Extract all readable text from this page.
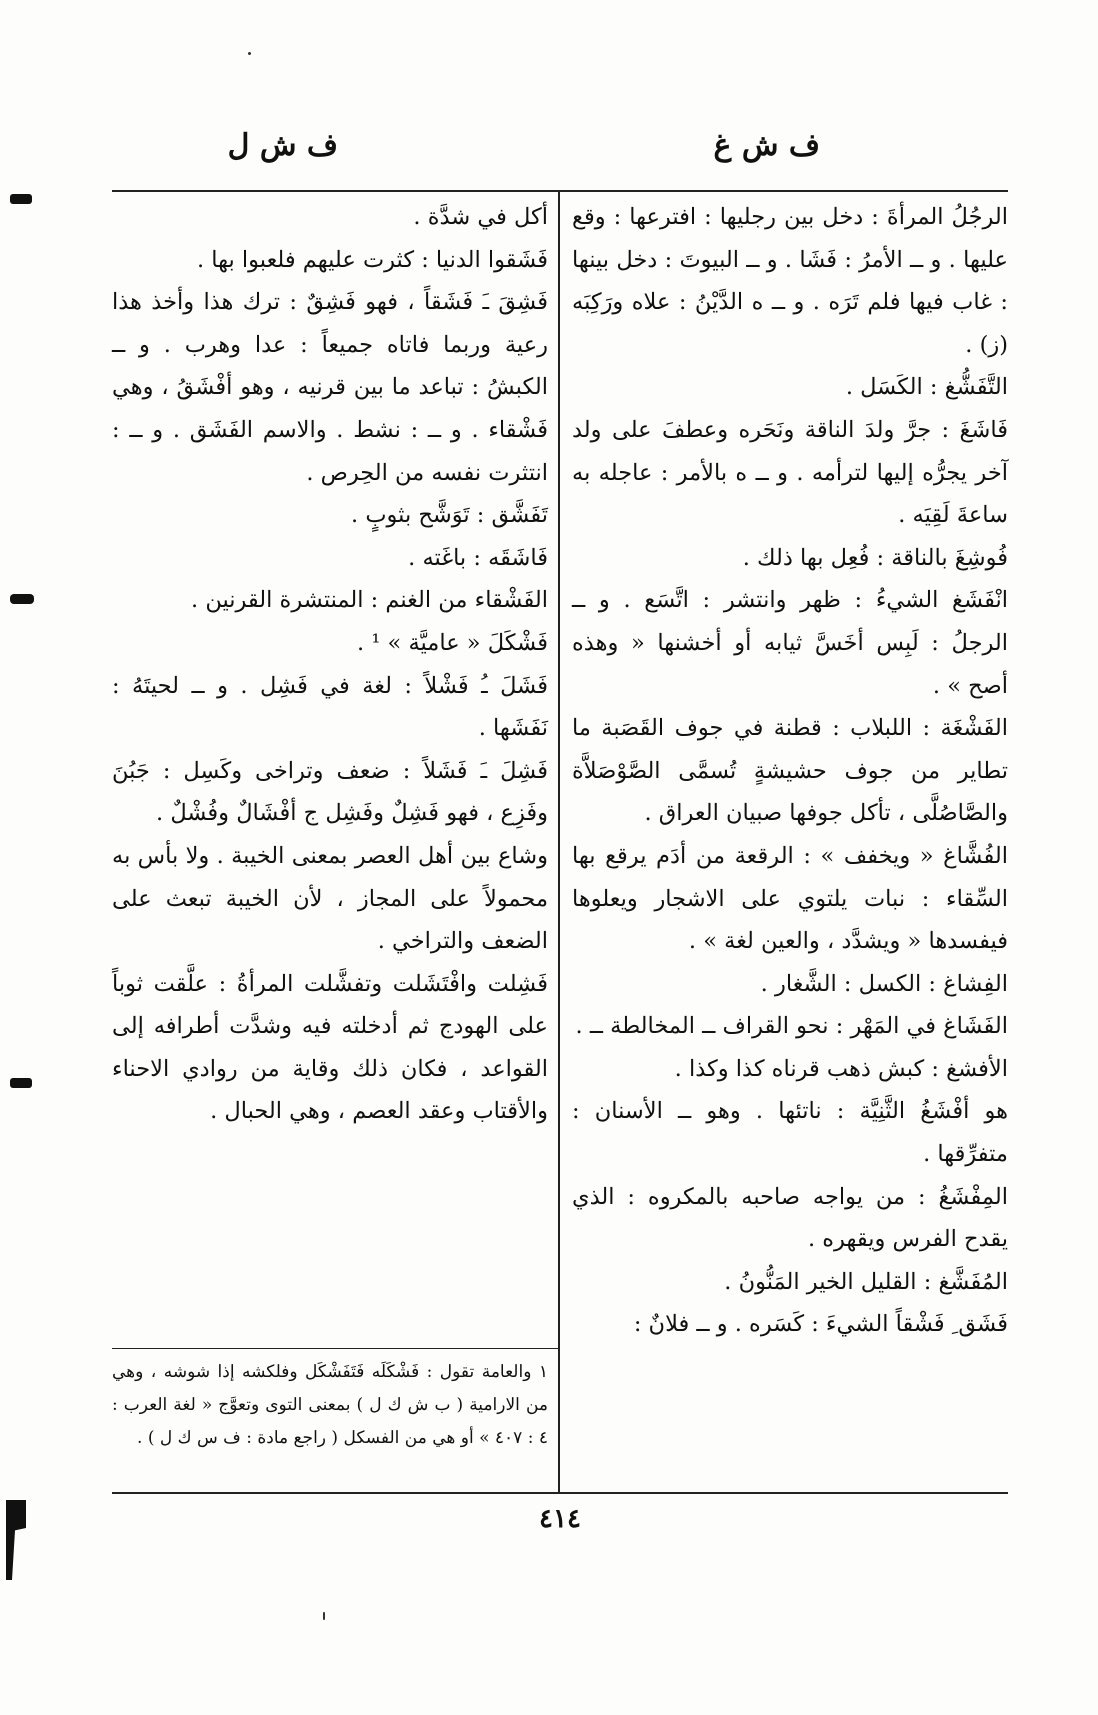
ف ش غ
ف ش ل

الرجُلُ المرأةَ : دخل بين رجليها : افترعها : وقع عليها . و ــ الأمرُ : فَشَا . و ــ البيوتَ : دخل بينها : غاب فيها فلم تَرَه . و ــ ه الدَّيْنُ : علاه ورَكِبَه (ز) .

التَّفَشُّغ : الكَسَل .

فَاشَغَ : جرَّ ولدَ الناقة ونَحَره وعطفَ على ولد آخر يجرُّه إليها لترأمه . و ــ ه بالأمر : عاجله به ساعةَ لَقِيَه .

فُوشِغَ بالناقة : فُعِل بها ذلك .

انْفَشَغ الشيءُ : ظهر وانتشر : اتَّسَع . و ــ الرجلُ : لَبِس أخَسَّ ثيابه أو أخشنها « وهذه أصح » .

الفَشْغَة : اللبلاب : قطنة في جوف القَصَبة ما تطاير من جوف حشيشةٍ تُسمَّى الصَّوْصَلاَّة والصَّاصُلَّى ، تأكل جوفها صبيان العراق .

الفُشَّاغ « ويخفف » : الرقعة من أدَم يرقع بها السِّقاء : نبات يلتوي على الاشجار ويعلوها فيفسدها « ويشدَّد ، والعين لغة » .

الفِشاغ : الكسل : الشَّغار .

الفَشَاغ في المَهْر : نحو القراف ــ المخالطة ــ .

الأفشغ : كبش ذهب قرناه كذا وكذا .

هو أفْشَغُ الثَّنِيَّة : ناتئها . وهو ــ الأسنان : متفرِّقها .

المِفْشَغُ : من يواجه صاحبه بالمكروه : الذي يقدح الفرس ويقهره .

المُفَشَّغ : القليل الخير المَنُّونُ .

فَشَق ِ فَشْقاً الشيءَ : كَسَره . و ــ فلانٌ :

أكل في شدَّة .

فَشَقوا الدنيا : كثرت عليهم فلعبوا بها .

فَشِقَ ـَ فَشَقاً ، فهو فَشِقٌ : ترك هذا وأخذ هذا رعية وربما فاتاه جميعاً : عدا وهرب . و ــ الكبشُ : تباعد ما بين قرنيه ، وهو أفْشَقُ ، وهي فَشْقاء . و ــ : نشط . والاسم الفَشَق . و ــ : انتثرت نفسه من الحِرص .

تَفَشَّق : تَوَشَّح بثوبٍ .

فَاشَقَه : باغَته .

الفَشْقاء من الغنم : المنتشرة القرنين .

فَشْكَلَ « عاميَّة » ¹ .

فَشَلَ ـُ فَشْلاً : لغة في فَشِل . و ــ لحيتَهُ : نَفَشَها .

فَشِلَ ـَ فَشَلاً : ضعف وتراخى وكَسِل : جَبُنَ وفَزِع ، فهو فَشِلٌ وفَشِل ج أفْشَالٌ وفُشْلٌ .

وشاع بين أهل العصر بمعنى الخيبة . ولا بأس به محمولاً على المجاز ، لأن الخيبة تبعث على الضعف والتراخي .

فَشِلت وافْتَشَلت وتفشَّلت المرأةُ : علَّقت ثوباً على الهودج ثم أدخلته فيه وشدَّت أطرافه إلى القواعد ، فكان ذلك وقاية من روادي الاحناء والأقتاب وعقد العصم ، وهي الحبال .

١ والعامة تقول : فَشْكَلَه فَتَفَشْكَل وفلكشه إذا شوشه ، وهي من الارامية ( ب ش ك ل ) بمعنى التوى وتعوَّج « لغة العرب : ٤ : ٤٠٧ » أو هي من الفسكل ( راجع مادة : ف س ك ل ) .

٤١٤
